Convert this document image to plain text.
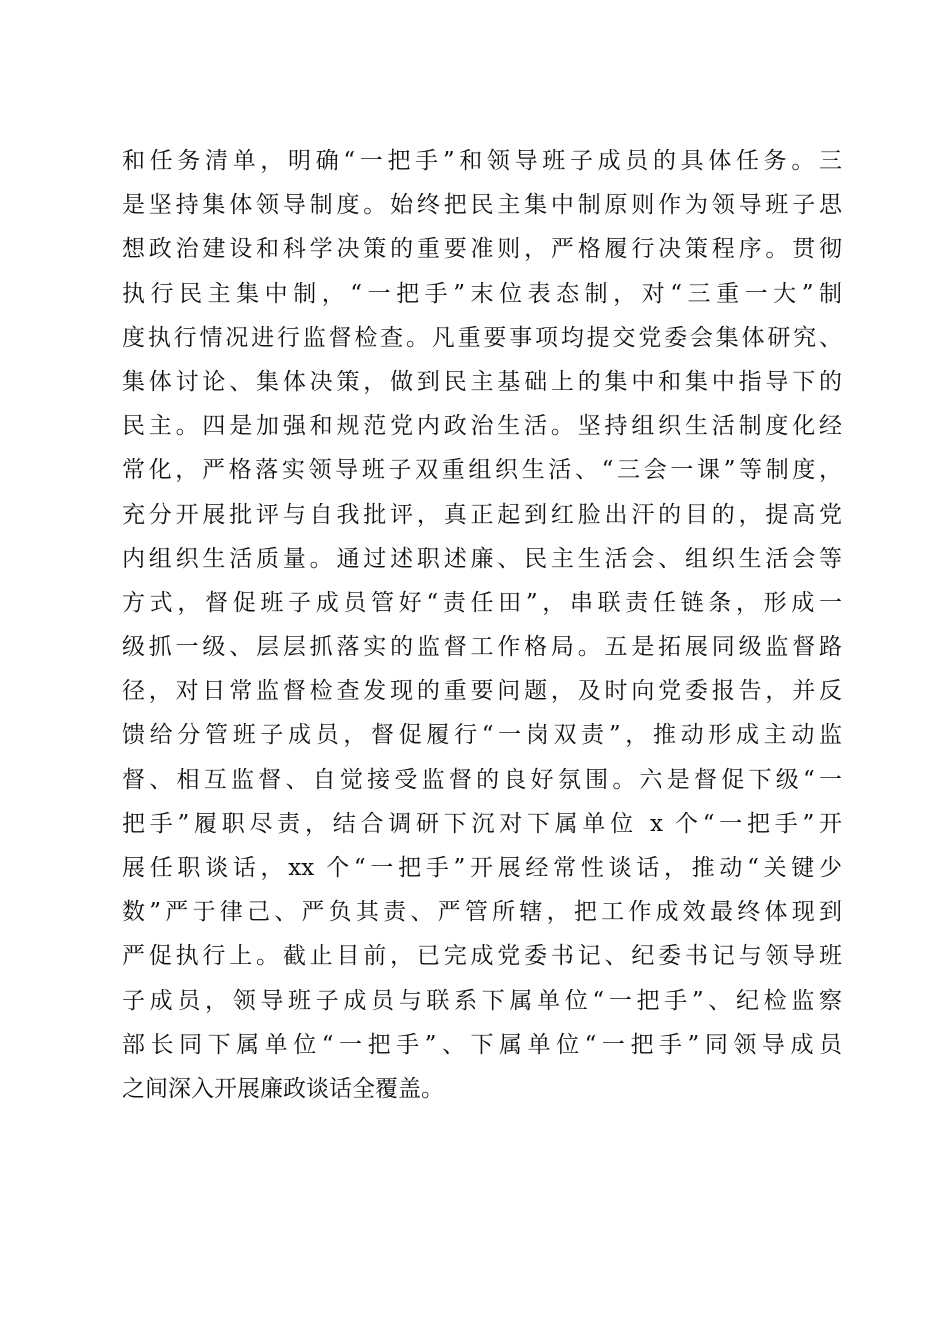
和任务清单，明确“一把手”和领导班子成员的具体任务。三
是坚持集体领导制度。始终把民主集中制原则作为领导班子思
想政治建设和科学决策的重要准则，严格履行决策程序。贯彻
执行民主集中制，“一把手”末位表态制，对“三重一大”制
度执行情况进行监督检查。凡重要事项均提交党委会集体研究、
集体讨论、集体决策，做到民主基础上的集中和集中指导下的
民主。四是加强和规范党内政治生活。坚持组织生活制度化经
常化，严格落实领导班子双重组织生活、“三会一课”等制度，
充分开展批评与自我批评，真正起到红脸出汗的目的，提高党
内组织生活质量。通过述职述廉、民主生活会、组织生活会等
方式，督促班子成员管好“责任田”，串联责任链条，形成一
级抓一级、层层抓落实的监督工作格局。五是拓展同级监督路
径，对日常监督检查发现的重要问题，及时向党委报告，并反
馈给分管班子成员，督促履行“一岗双责”，推动形成主动监
督、相互监督、自觉接受监督的良好氛围。六是督促下级“一
把手”履职尽责，结合调研下沉对下属单位 x 个“一把手”开
展任职谈话，xx 个“一把手”开展经常性谈话，推动“关键少
数”严于律己、严负其责、严管所辖，把工作成效最终体现到
严促执行上。截止目前，已完成党委书记、纪委书记与领导班
子成员，领导班子成员与联系下属单位“一把手”、纪检监察
部长同下属单位“一把手”、下属单位“一把手”同领导成员
之间深入开展廉政谈话全覆盖。
